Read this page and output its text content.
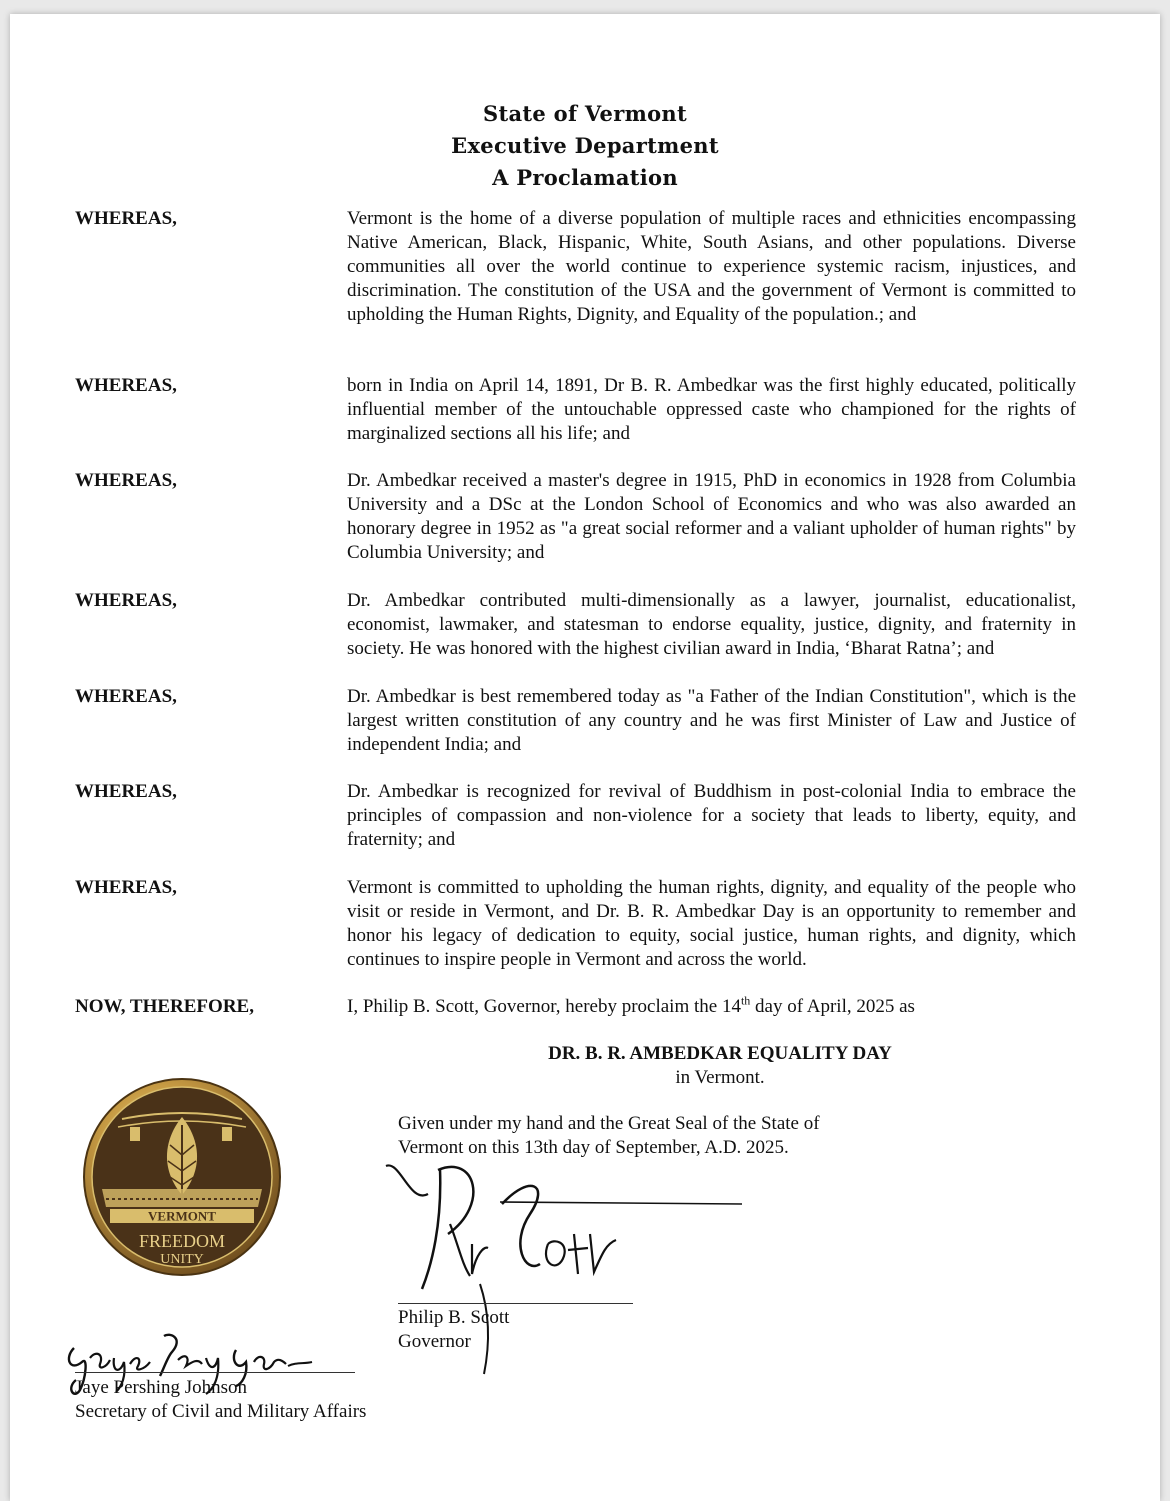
State of Vermont
Executive Department
A Proclamation
WHEREAS,	Vermont is the home of a diverse population of multiple races and ethnicities encompassing Native American, Black, Hispanic, White, South Asians, and other populations. Diverse communities all over the world continue to experience systemic racism, injustices, and discrimination. The constitution of the USA and the government of Vermont is committed to upholding the Human Rights, Dignity, and Equality of the population.; and
WHEREAS,	born in India on April 14, 1891, Dr B. R. Ambedkar was the first highly educated, politically influential member of the untouchable oppressed caste who championed for the rights of marginalized sections all his life; and
WHEREAS,	Dr. Ambedkar received a master's degree in 1915, PhD in economics in 1928 from Columbia University and a DSc at the London School of Economics and who was also awarded an honorary degree in 1952 as "a great social reformer and a valiant upholder of human rights" by Columbia University; and
WHEREAS,	Dr. Ambedkar contributed multi-dimensionally as a lawyer, journalist, educationalist, economist, lawmaker, and statesman to endorse equality, justice, dignity, and fraternity in society. He was honored with the highest civilian award in India, ‘Bharat Ratna’; and
WHEREAS,	Dr. Ambedkar is best remembered today as "a Father of the Indian Constitution", which is the largest written constitution of any country and he was first Minister of Law and Justice of independent India; and
WHEREAS,	Dr. Ambedkar is recognized for revival of Buddhism in post-colonial India to embrace the principles of compassion and non-violence for a society that leads to liberty, equity, and fraternity; and
WHEREAS,	Vermont is committed to upholding the human rights, dignity, and equality of the people who visit or reside in Vermont, and Dr. B. R. Ambedkar Day is an opportunity to remember and honor his legacy of dedication to equity, social justice, human rights, and dignity, which continues to inspire people in Vermont and across the world.
NOW, THEREFORE,	I, Philip B. Scott, Governor, hereby proclaim the 14th day of April, 2025 as
DR. B. R. AMBEDKAR EQUALITY DAY
in Vermont.
Given under my hand and the Great Seal of the State of
Vermont on this 13th day of September, A.D. 2025.
VERMONT
FREEDOM
UNITY
Philip B. Scott
Governor
Jaye Pershing Johnson
Secretary of Civil and Military Affairs
